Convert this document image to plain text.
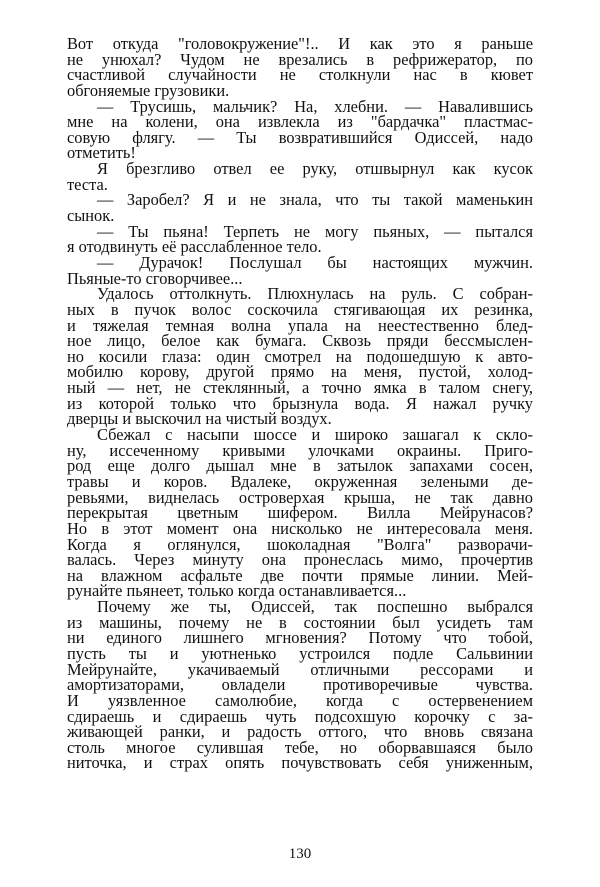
Вот откуда "головокружение"!.. И как это я раньше
не унюхал? Чудом не врезались в рефрижератор, по
счастливой случайности не столкнули нас в кювет
обгоняемые грузовики.
— Трусишь, мальчик? На, хлебни. — Навалившись
мне на колени, она извлекла из "бардачка" пластмас-
совую флягу. — Ты возвратившийся Одиссей, надо
отметить!
Я брезгливо отвел ее руку, отшвырнул как кусок
теста.
— Заробел? Я и не знала, что ты такой маменькин
сынок.
— Ты пьяна! Терпеть не могу пьяных, — пытался
я отодвинуть её расслабленное тело.
— Дурачок! Послушал бы настоящих мужчин.
Пьяные-то сговорчивее...
Удалось оттолкнуть. Плюхнулась на руль. С собран-
ных в пучок волос соскочила стягивающая их резинка,
и тяжелая темная волна упала на неестественно блед-
ное лицо, белое как бумага. Сквозь пряди бессмыслен-
но косили глаза: один смотрел на подошедшую к авто-
мобилю корову, другой прямо на меня, пустой, холод-
ный — нет, не стеклянный, а точно ямка в талом снегу,
из которой только что брызнула вода. Я нажал ручку
дверцы и выскочил на чистый воздух.
Сбежал с насыпи шоссе и широко зашагал к скло-
ну, иссеченному кривыми улочками окраины. Приго-
род еще долго дышал мне в затылок запахами сосен,
травы и коров. Вдалеке, окруженная зелеными де-
ревьями, виднелась островерхая крыша, не так давно
перекрытая цветным шифером. Вилла Мейрунасов?
Но в этот момент она нисколько не интересовала меня.
Когда я оглянулся, шоколадная "Волга" разворачи-
валась. Через минуту она пронеслась мимо, прочертив
на влажном асфальте две почти прямые линии. Мей-
рунайте пьянеет, только когда останавливается...
Почему же ты, Одиссей, так поспешно выбрался
из машины, почему не в состоянии был усидеть там
ни единого лишнего мгновения? Потому что тобой,
пусть ты и уютненько устроился подле Сальвинии
Мейрунайте, укачиваемый отличными рессорами и
амортизаторами, овладели противоречивые чувства.
И уязвленное самолюбие, когда с остервенением
сдираешь и сдираешь чуть подсохшую корочку с за-
живающей ранки, и радость оттого, что вновь связана
столь многое сулившая тебе, но оборвавшаяся было
ниточка, и страх опять почувствовать себя униженным,
130
